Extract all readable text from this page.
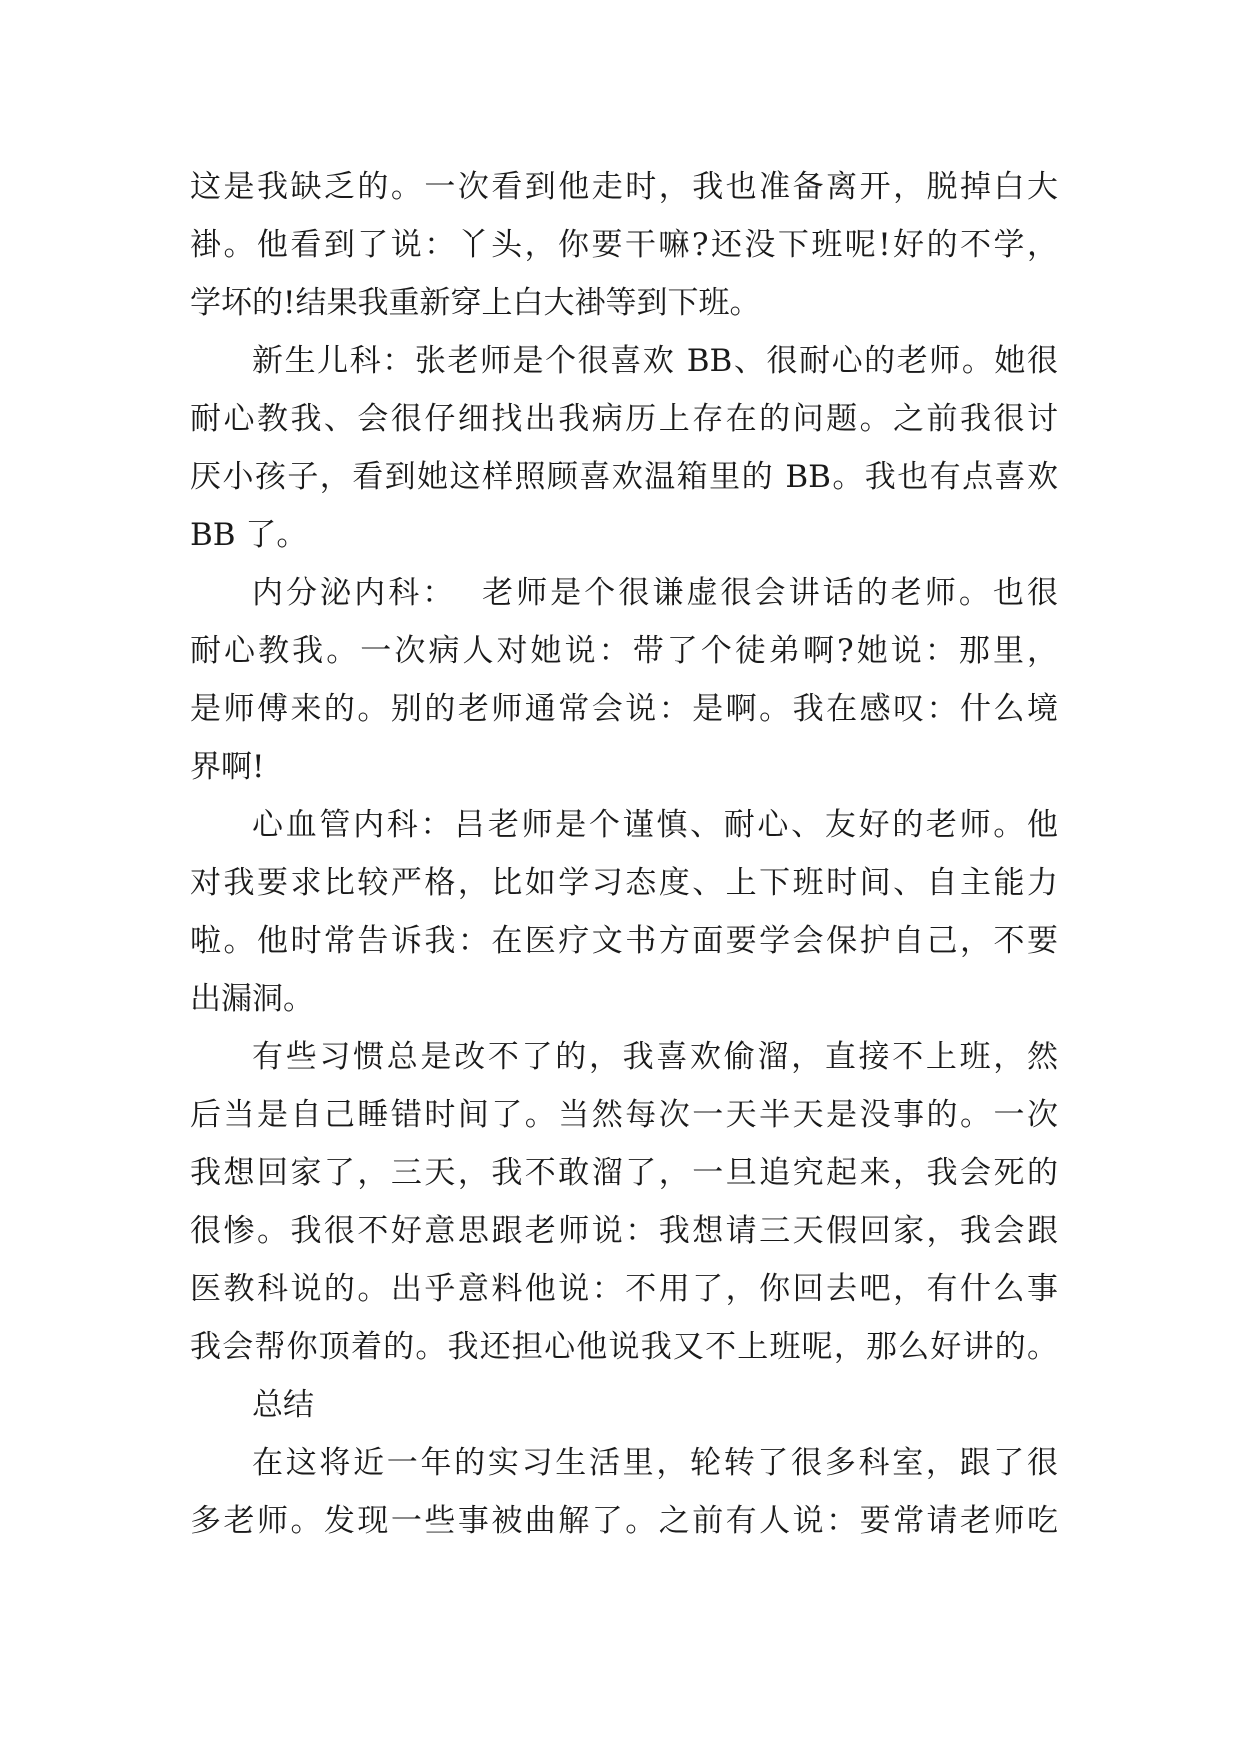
这是我缺乏的。一次看到他走时，我也准备离开，脱掉白大
褂。他看到了说：丫头，你要干嘛?还没下班呢!好的不学，
学坏的!结果我重新穿上白大褂等到下班。
新生儿科：张老师是个很喜欢 BB、很耐心的老师。她很
耐心教我、会很仔细找出我病历上存在的问题。之前我很讨
厌小孩子，看到她这样照顾喜欢温箱里的 BB。我也有点喜欢
BB 了。
内分泌内科：  老师是个很谦虚很会讲话的老师。也很
耐心教我。一次病人对她说：带了个徒弟啊?她说：那里，
是师傅来的。别的老师通常会说：是啊。我在感叹：什么境
界啊!
心血管内科：吕老师是个谨慎、耐心、友好的老师。他
对我要求比较严格，比如学习态度、上下班时间、自主能力
啦。他时常告诉我：在医疗文书方面要学会保护自己，不要
出漏洞。
有些习惯总是改不了的，我喜欢偷溜，直接不上班，然
后当是自己睡错时间了。当然每次一天半天是没事的。一次
我想回家了，三天，我不敢溜了，一旦追究起来，我会死的
很惨。我很不好意思跟老师说：我想请三天假回家，我会跟
医教科说的。出乎意料他说：不用了，你回去吧，有什么事
我会帮你顶着的。我还担心他说我又不上班呢，那么好讲的。
总结
在这将近一年的实习生活里，轮转了很多科室，跟了很
多老师。发现一些事被曲解了。之前有人说：要常请老师吃
